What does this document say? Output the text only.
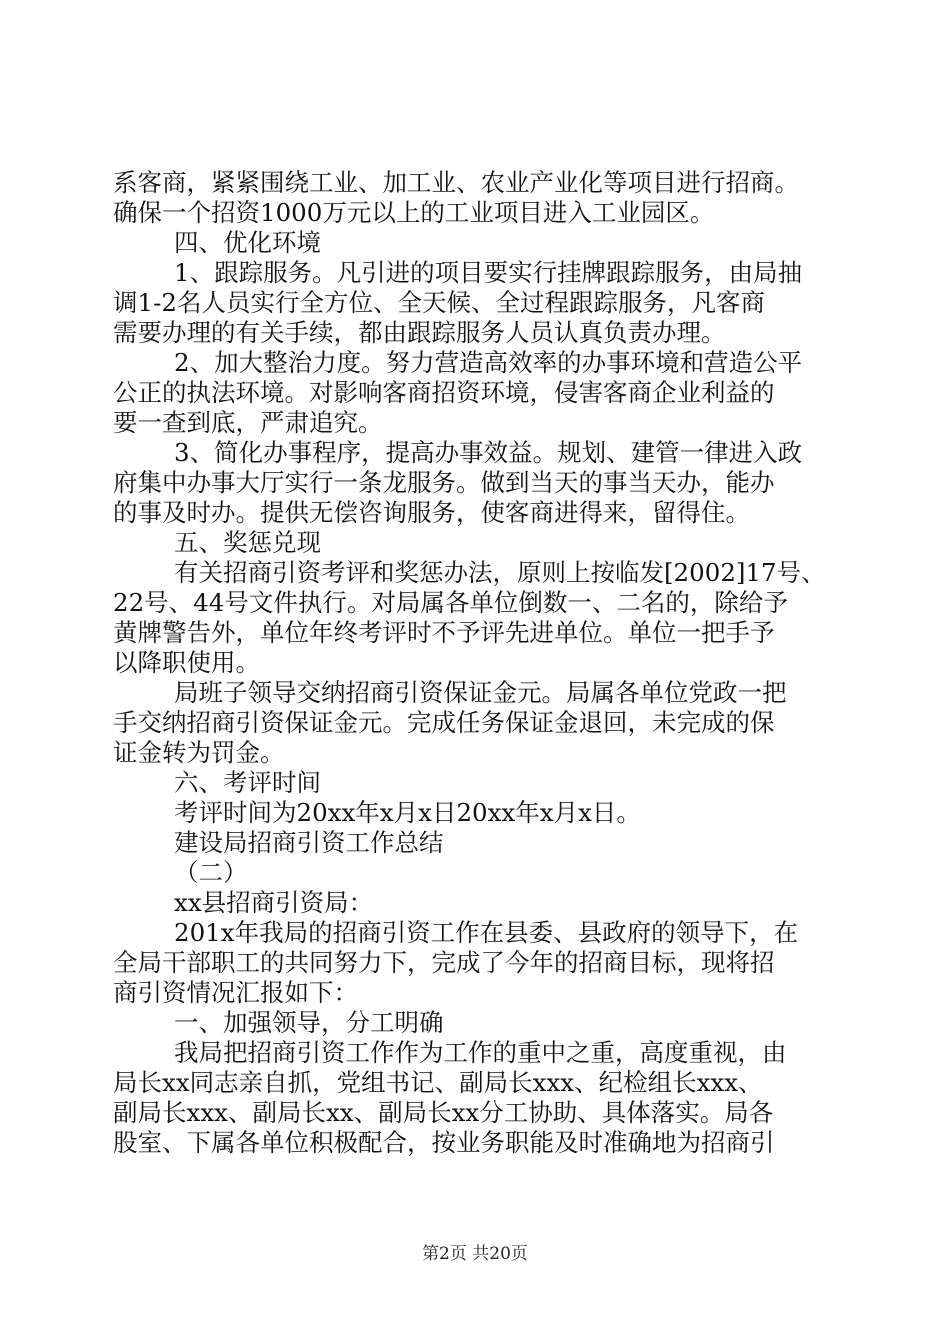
系客商，紧紧围绕工业、加工业、农业产业化等项目进行招商。
确保一个招资1000万元以上的工业项目进入工业园区。
四、优化环境
1、跟踪服务。凡引进的项目要实行挂牌跟踪服务，由局抽
调1-2名人员实行全方位、全天候、全过程跟踪服务，凡客商
需要办理的有关手续，都由跟踪服务人员认真负责办理。
2、加大整治力度。努力营造高效率的办事环境和营造公平
公正的执法环境。对影响客商招资环境，侵害客商企业利益的
要一查到底，严肃追究。
3、简化办事程序，提高办事效益。规划、建管一律进入政
府集中办事大厅实行一条龙服务。做到当天的事当天办，能办
的事及时办。提供无偿咨询服务，使客商进得来，留得住。
五、奖惩兑现
有关招商引资考评和奖惩办法，原则上按临发[2002]17号、
22号、44号文件执行。对局属各单位倒数一、二名的，除给予
黄牌警告外，单位年终考评时不予评先进单位。单位一把手予
以降职使用。
局班子领导交纳招商引资保证金元。局属各单位党政一把
手交纳招商引资保证金元。完成任务保证金退回，未完成的保
证金转为罚金。
六、考评时间
考评时间为20xx年x月x日20xx年x月x日。
建设局招商引资工作总结
（二）
xx县招商引资局：
201x年我局的招商引资工作在县委、县政府的领导下，在
全局干部职工的共同努力下，完成了今年的招商目标，现将招
商引资情况汇报如下：
一、加强领导，分工明确
我局把招商引资工作作为工作的重中之重，高度重视，由
局长xx同志亲自抓，党组书记、副局长xxx、纪检组长xxx、
副局长xxx、副局长xx、副局长xx分工协助、具体落实。局各
股室、下属各单位积极配合，按业务职能及时准确地为招商引
第2页 共20页
